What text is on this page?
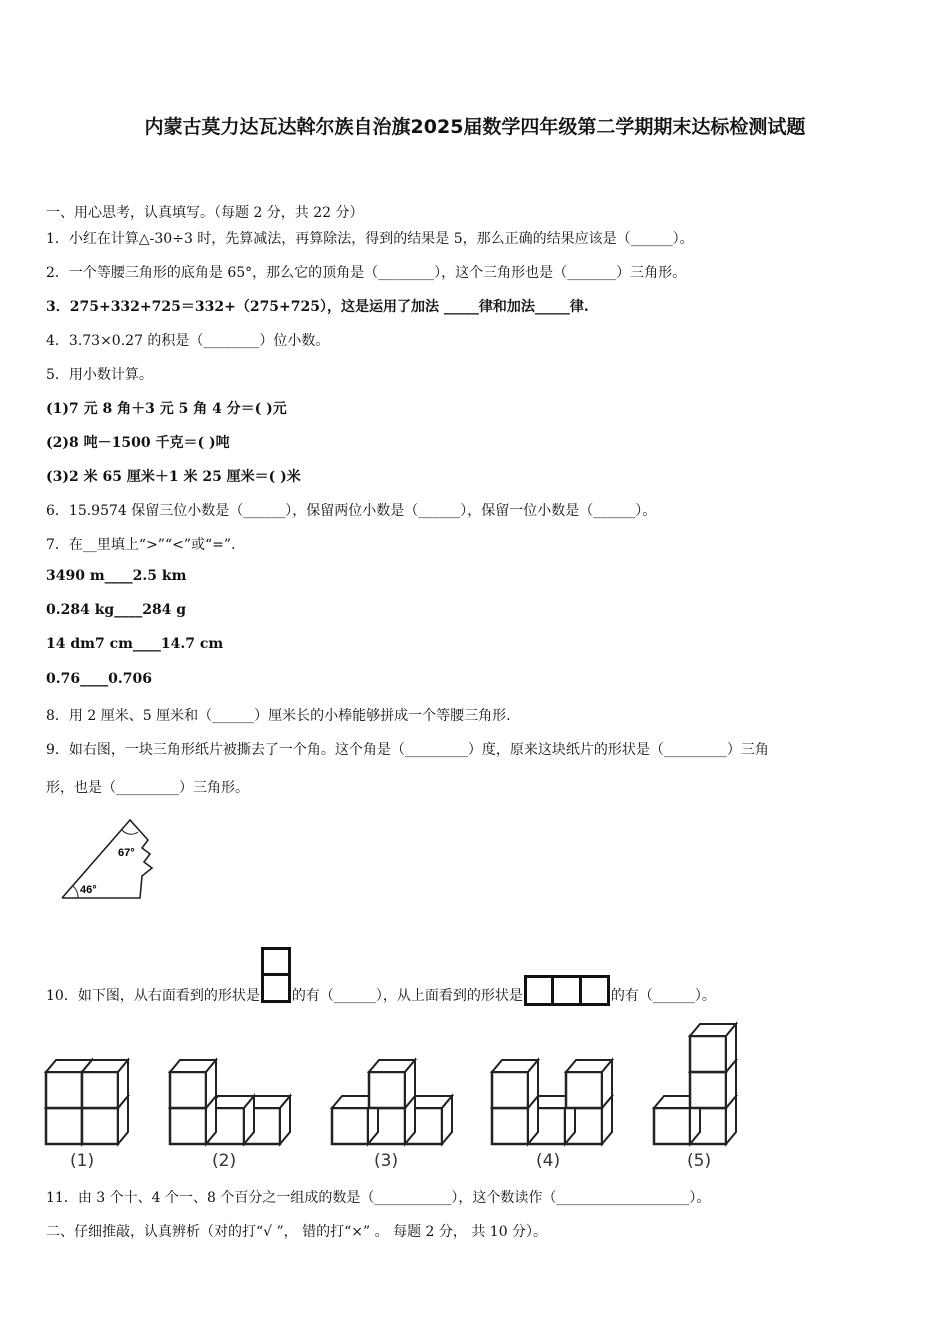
内蒙古莫力达瓦达斡尔族自治旗2025届数学四年级第二学期期末达标检测试题
一、用心思考，认真填写。（每题 2 分，共 22 分）
1．小红在计算△-30÷3 时，先算减法，再算除法，得到的结果是 5，那么正确的结果应该是（______）。
2．一个等腰三角形的底角是 65°，那么它的顶角是（________），这个三角形也是（_______）三角形。
3．275+332+725＝332+（275+725），这是运用了加法 _____律和加法_____律.
4．3.73×0.27 的积是（________）位小数。
5．用小数计算。
(1)7 元 8 角＋3 元 5 角 4 分＝( )元
(2)8 吨－1500 千克＝( )吨
(3)2 米 65 厘米＋1 米 25 厘米＝( )米
6．15.9574 保留三位小数是（______），保留两位小数是（______），保留一位小数是（______）。
7．在__里填上“>”“<”或“=”.
3490 m____2.5 km
0.284 kg____284 g
14 dm7 cm____14.7 cm
0.76____0.706
8．用 2 厘米、5 厘米和（______）厘米长的小棒能够拼成一个等腰三角形.
9．如右图，一块三角形纸片被撕去了一个角。这个角是（_________）度，原来这块纸片的形状是（_________）三角
形，也是（_________）三角形。
67°
46°
10．如下图，从右面看到的形状是 的有（______），从上面看到的形状是	的有（______）。
(1)	(2)	(3)	(4)	(5)
11．由 3 个十、4 个一、8 个百分之一组成的数是（___________），这个数读作（___________________）。
二、仔细推敲，认真辨析（对的打“√ ”， 错的打“×” 。 每题 2 分， 共 10 分）。
